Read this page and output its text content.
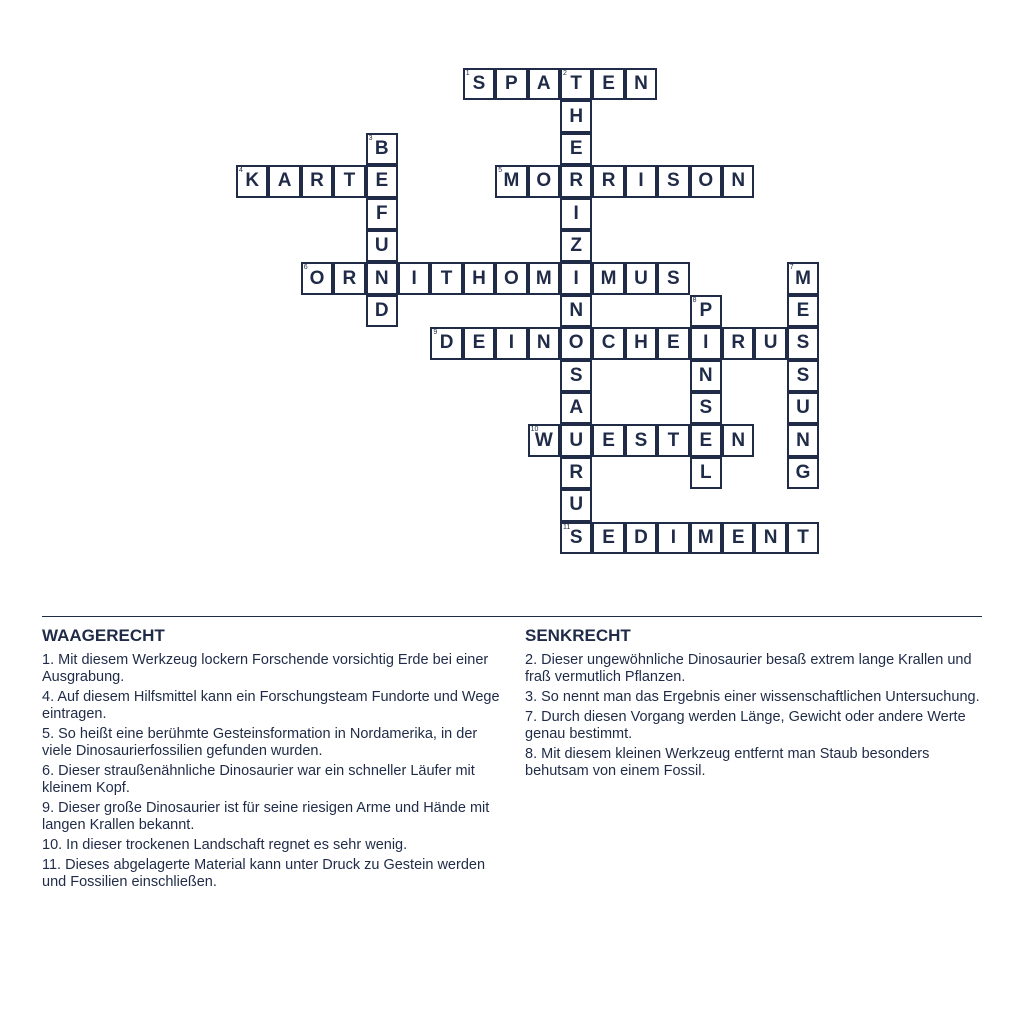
1 S	P	A	2 T	E	N
H
E
R
I
Z
I
N
O
S
A
U
R
U
11 S
3 B
E
F
U
N
D
4 K A R	T	5 M O	R	I	S O N
6 O R	I	T	H O M	M U	S	7 M
E
S
S
U
N
G
8 P
I
N
S
E
L
9 D	E	I	N	C H	E	R U
10
W	E	S	T	N
E	D	I	M E	N	T
WAAGERECHT

1. Mit diesem Werkzeug lockern Forschende vorsichtig Erde bei einer Ausgrabung.

4. Auf diesem Hilfsmittel kann ein Forschungsteam Fundorte und Wege eintragen.

5. So heißt eine berühmte Gesteinsformation in Nordamerika, in der viele Dinosaurierfossilien gefunden wurden.

6. Dieser straußenähnliche Dinosaurier war ein schneller Läufer mit kleinem Kopf.

9. Dieser große Dinosaurier ist für seine riesigen Arme und Hände mit langen Krallen bekannt.

10. In dieser trockenen Landschaft regnet es sehr wenig.

11. Dieses abgelagerte Material kann unter Druck zu Gestein werden und Fossilien einschließen.

SENKRECHT

2. Dieser ungewöhnliche Dinosaurier besaß extrem lange Krallen und fraß vermutlich Pflanzen.

3. So nennt man das Ergebnis einer wissenschaftlichen Untersuchung.

7. Durch diesen Vorgang werden Länge, Gewicht oder andere Werte genau bestimmt.

8. Mit diesem kleinen Werkzeug entfernt man Staub besonders behutsam von einem Fossil.
